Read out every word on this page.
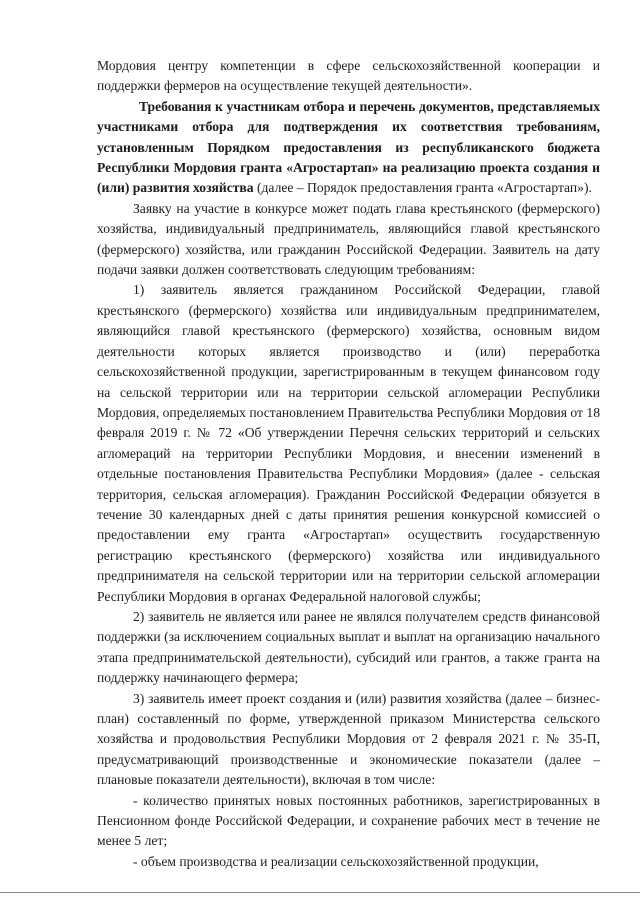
Мордовия центру компетенции в сфере сельскохозяйственной кооперации и поддержки фермеров на осуществление текущей деятельности».

Требования к участникам отбора и перечень документов, представляемых участниками отбора для подтверждения их соответствия требованиям, установленным Порядком предоставления из республиканского бюджета Республики Мордовия гранта «Агростартап» на реализацию проекта создания и (или) развития хозяйства (далее – Порядок предоставления гранта «Агростартап»).

Заявку на участие в конкурсе может подать глава крестьянского (фермерского) хозяйства, индивидуальный предприниматель, являющийся главой крестьянского (фермерского) хозяйства, или гражданин Российской Федерации. Заявитель на дату подачи заявки должен соответствовать следующим требованиям:

1) заявитель является гражданином Российской Федерации, главой крестьянского (фермерского) хозяйства или индивидуальным предпринимателем, являющийся главой крестьянского (фермерского) хозяйства, основным видом деятельности которых является производство и (или) переработка сельскохозяйственной продукции, зарегистрированным в текущем финансовом году на сельской территории или на территории сельской агломерации Республики Мордовия, определяемых постановлением Правительства Республики Мордовия от 18 февраля 2019 г. № 72 «Об утверждении Перечня сельских территорий и сельских агломераций на территории Республики Мордовия, и внесении изменений в отдельные постановления Правительства Республики Мордовия» (далее - сельская территория, сельская агломерация). Гражданин Российской Федерации обязуется в течение 30 календарных дней с даты принятия решения конкурсной комиссией о предоставлении ему гранта «Агростартап» осуществить государственную регистрацию крестьянского (фермерского) хозяйства или индивидуального предпринимателя на сельской территории или на территории сельской агломерации Республики Мордовия в органах Федеральной налоговой службы;

2) заявитель не является или ранее не являлся получателем средств финансовой поддержки (за исключением социальных выплат и выплат на организацию начального этапа предпринимательской деятельности), субсидий или грантов, а также гранта на поддержку начинающего фермера;

3) заявитель имеет проект создания и (или) развития хозяйства (далее – бизнес-план) составленный по форме, утвержденной приказом Министерства сельского хозяйства и продовольствия Республики Мордовия от 2 февраля 2021 г. № 35-П, предусматривающий производственные и экономические показатели (далее – плановые показатели деятельности), включая в том числе:

- количество принятых новых постоянных работников, зарегистрированных в Пенсионном фонде Российской Федерации, и сохранение рабочих мест в течение не менее 5 лет;

- объем производства и реализации сельскохозяйственной продукции,
